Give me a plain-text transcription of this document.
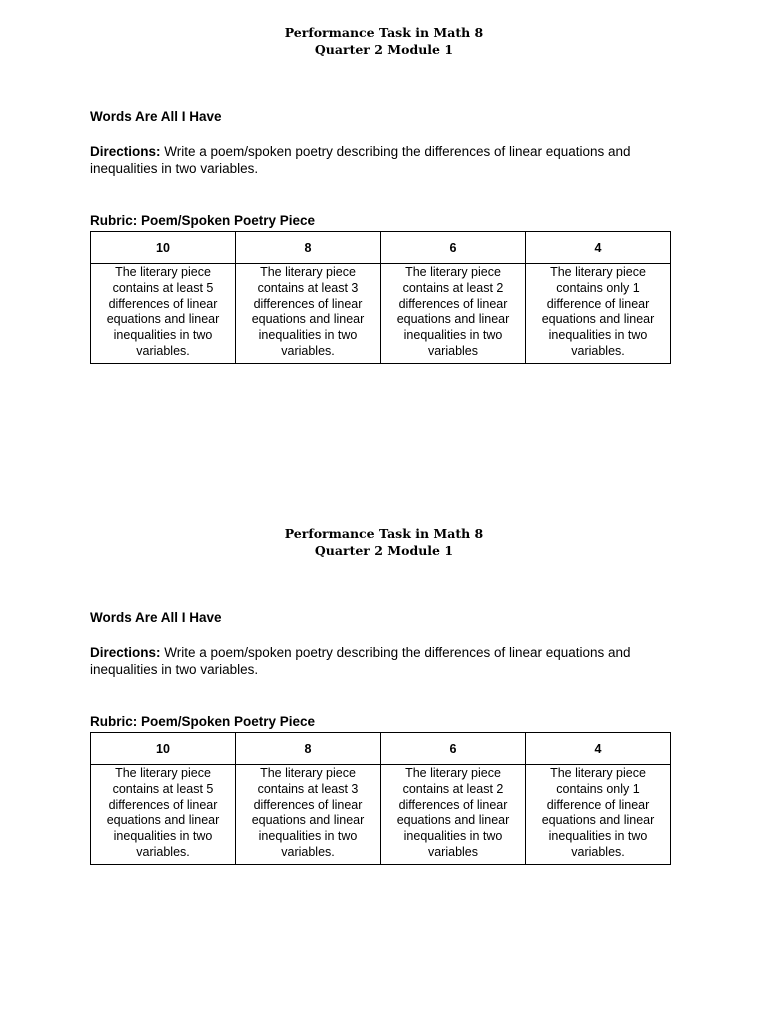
Performance Task in Math 8
Quarter 2 Module 1
Words Are All I Have
Directions: Write a poem/spoken poetry describing the differences of linear equations and inequalities in two variables.
Rubric: Poem/Spoken Poetry Piece
10	8	6	4
The literary piece contains at least 5 differences of linear equations and linear inequalities in two variables.	The literary piece contains at least 3 differences of linear equations and linear inequalities in two variables.	The literary piece contains at least 2 differences of linear equations and linear inequalities in two variables	The literary piece contains only 1 difference of linear equations and linear inequalities in two variables.
Performance Task in Math 8
Quarter 2 Module 1
Words Are All I Have
Directions: Write a poem/spoken poetry describing the differences of linear equations and inequalities in two variables.
Rubric: Poem/Spoken Poetry Piece
10	8	6	4
The literary piece contains at least 5 differences of linear equations and linear inequalities in two variables.	The literary piece contains at least 3 differences of linear equations and linear inequalities in two variables.	The literary piece contains at least 2 differences of linear equations and linear inequalities in two variables	The literary piece contains only 1 difference of linear equations and linear inequalities in two variables.
